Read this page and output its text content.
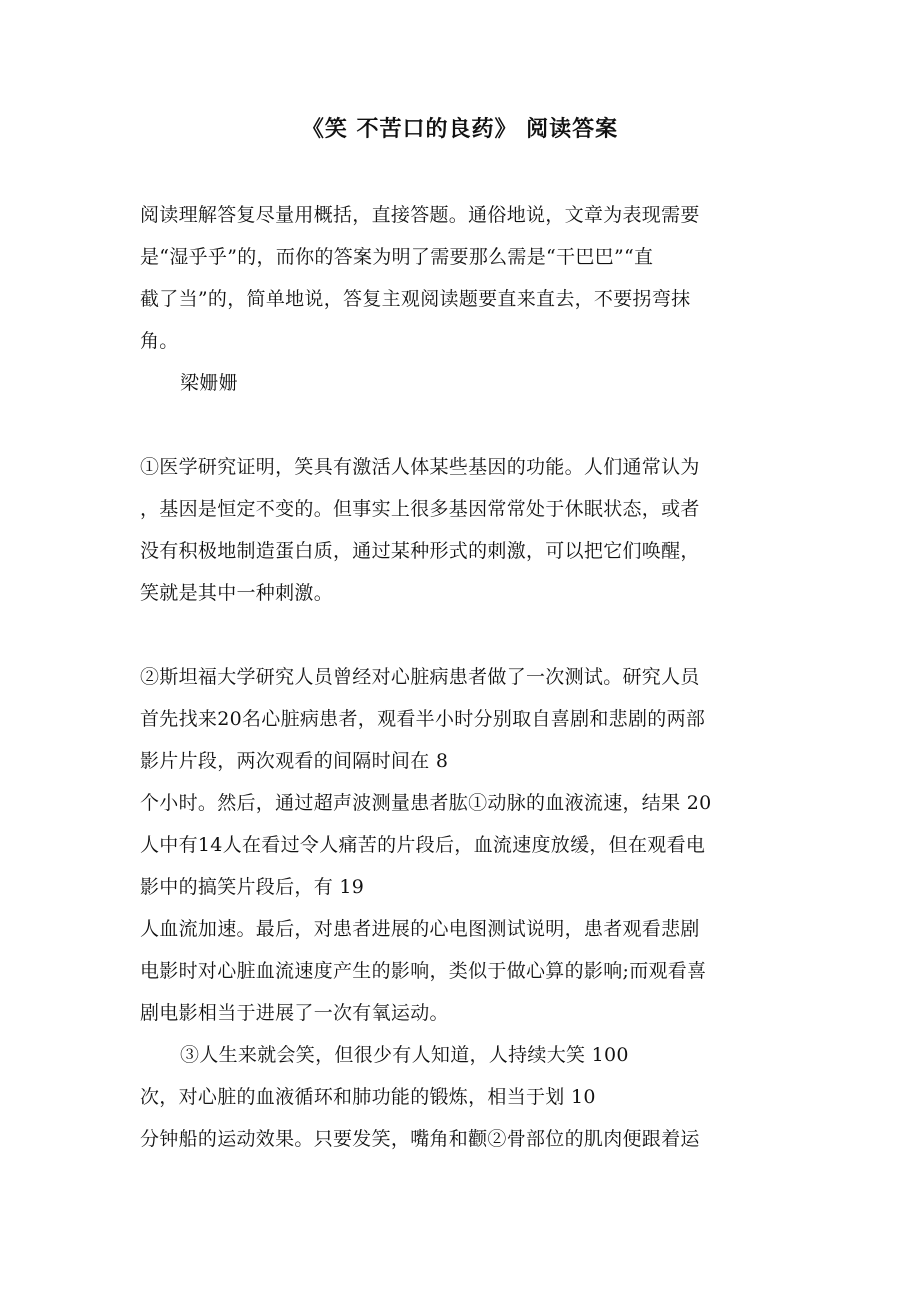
《笑 不苦口的良药》 阅读答案
阅读理解答复尽量用概括，直接答题。通俗地说，文章为表现需要
是“湿乎乎”的，而你的答案为明了需要那么需是“干巴巴”“直
截了当”的，简单地说，答复主观阅读题要直来直去，不要拐弯抹
角。
梁姗姗
①医学研究证明，笑具有激活人体某些基因的功能。人们通常认为
，基因是恒定不变的。但事实上很多基因常常处于休眠状态，或者
没有积极地制造蛋白质，通过某种形式的刺激，可以把它们唤醒，
笑就是其中一种刺激。
②斯坦福大学研究人员曾经对心脏病患者做了一次测试。研究人员
首先找来20名心脏病患者，观看半小时分别取自喜剧和悲剧的两部
影片片段，两次观看的间隔时间在 8
个小时。然后，通过超声波测量患者肱①动脉的血液流速，结果 20
人中有14人在看过令人痛苦的片段后，血流速度放缓，但在观看电
影中的搞笑片段后，有 19
人血流加速。最后，对患者进展的心电图测试说明，患者观看悲剧
电影时对心脏血流速度产生的影响，类似于做心算的影响;而观看喜
剧电影相当于进展了一次有氧运动。
③人生来就会笑，但很少有人知道，人持续大笑 100
次，对心脏的血液循环和肺功能的锻炼，相当于划 10
分钟船的运动效果。只要发笑，嘴角和颧②骨部位的肌肉便跟着运
